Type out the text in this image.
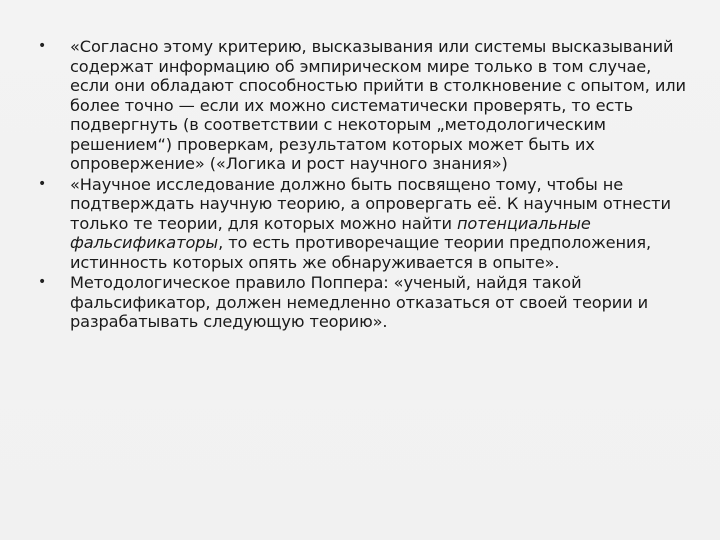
• «Согласно этому критерию, высказывания или системы высказываний содержат информацию об эмпирическом мире только в том случае, если они обладают способностью прийти в столкновение с опытом, или более точно — если их можно систематически проверять, то есть подвергнуть (в соответствии с некоторым „методологическим решением“) проверкам, результатом которых может быть их опровержение» («Логика и рост научного знания»)
• «Научное исследование должно быть посвящено тому, чтобы не подтверждать научную теорию, а опровергать её. К научным отнести только те теории, для которых можно найти потенциальные фальсификаторы, то есть противоречащие теории предположения, истинность которых опять же обнаруживается в опыте».
• Методологическое правило Поппера: «ученый, найдя такой фальсификатор, должен немедленно отказаться от своей теории и разрабатывать следующую теорию».
